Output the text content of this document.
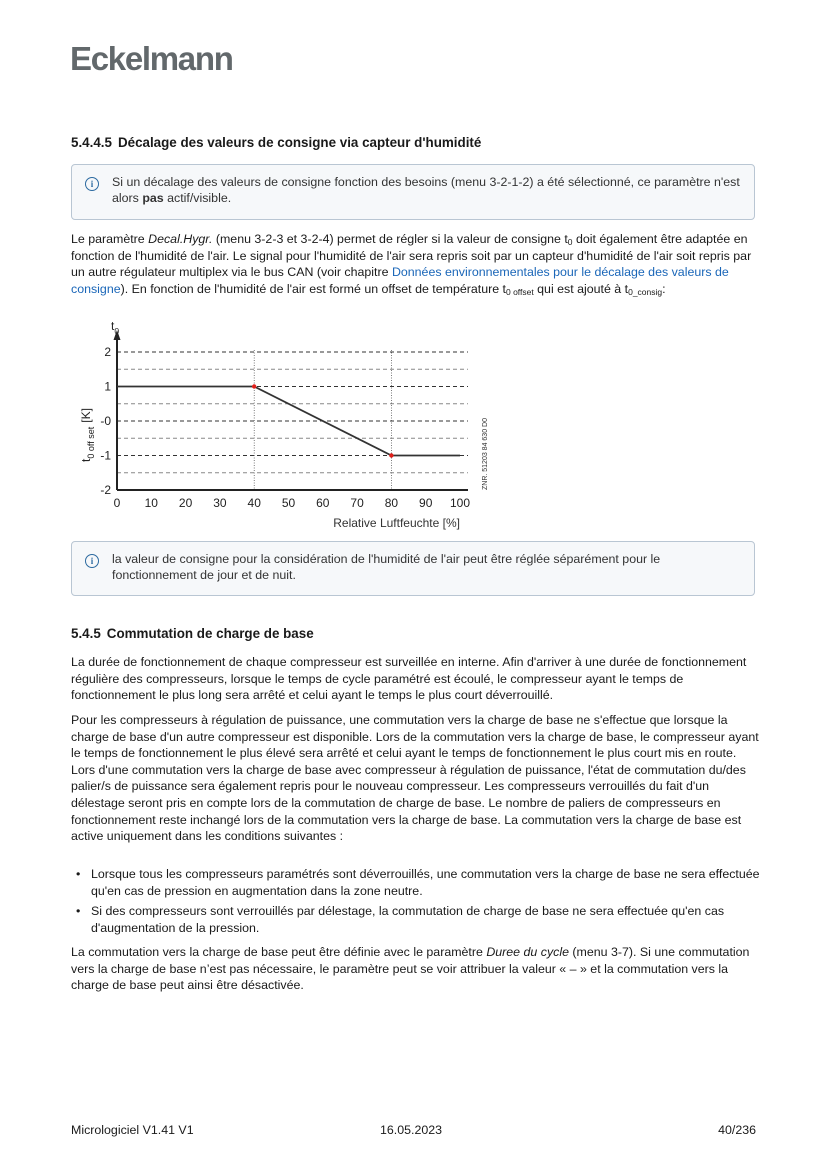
Eckelmann
5.4.4.5 Décalage des valeurs de consigne via capteur d'humidité
i	Si un décalage des valeurs de consigne fonction des besoins (menu 3-2-1-2) a été sélectionné, ce paramètre n'est alors pas actif/visible.

Le paramètre Decal.Hygr. (menu 3-2-3 et 3-2-4) permet de régler si la valeur de consigne $t_0$ doit également être adaptée en fonction de l'humidité de l'air. Le signal pour l'humidité de l'air sera repris soit par un capteur d'humidité de l'air soit repris par un autre régulateur multiplex via le bus CAN (voir chapitre Données environnementales pour le décalage des valeurs de consigne). En fonction de l'humidité de l'air est formé un offset de température $t_{0 offset}$ qui est ajouté à $t_{0\_consig}$:

0 10 20 30 40 50 60 70 80 90 100
2
1
-0
-1
-2
$t_0$
$t_{0 off set}[K]$
Relative Luftfeuchte [%]
ZNR. 51203 84 630 D0
i	la valeur de consigne pour la considération de l'humidité de l'air peut être réglée séparément pour le fonctionnement de jour et de nuit.
5.4.5 Commutation de charge de base

La durée de fonctionnement de chaque compresseur est surveillée en interne. Afin d'arriver à une durée de fonctionnement régulière des compresseurs, lorsque le temps de cycle paramétré est écoulé, le compresseur ayant le temps de fonctionnement le plus long sera arrêté et celui ayant le temps le plus court déverrouillé.

Pour les compresseurs à régulation de puissance, une commutation vers la charge de base ne s'effectue que lorsque la charge de base d'un autre compresseur est disponible. Lors de la commutation vers la charge de base, le compresseur ayant le temps de fonctionnement le plus élevé sera arrêté et celui ayant le temps de fonctionnement le plus court mis en route. Lors d'une commutation vers la charge de base avec compresseur à régulation de puissance, l'état de commutation du/des palier/s de puissance sera également repris pour le nouveau compresseur. Les compresseurs verrouillés du fait d'un délestage seront pris en compte lors de la commutation de charge de base. Le nombre de paliers de compresseurs en fonctionnement reste inchangé lors de la commutation vers la charge de base. La commutation vers la charge de base est active uniquement dans les conditions suivantes :

• Lorsque tous les compresseurs paramétrés sont déverrouillés, une commutation vers la charge de base ne sera effectuée qu'en cas de pression en augmentation dans la zone neutre.
• Si des compresseurs sont verrouillés par délestage, la commutation de charge de base ne sera effectuée qu'en cas d'augmentation de la pression.

La commutation vers la charge de base peut être définie avec le paramètre Duree du cycle (menu 3-7). Si une commutation vers la charge de base n’est pas nécessaire, le paramètre peut se voir attribuer la valeur « – » et la commutation vers la charge de base peut ainsi être désactivée.

Micrologiciel V1.41 V1	16.05.2023	40/236
